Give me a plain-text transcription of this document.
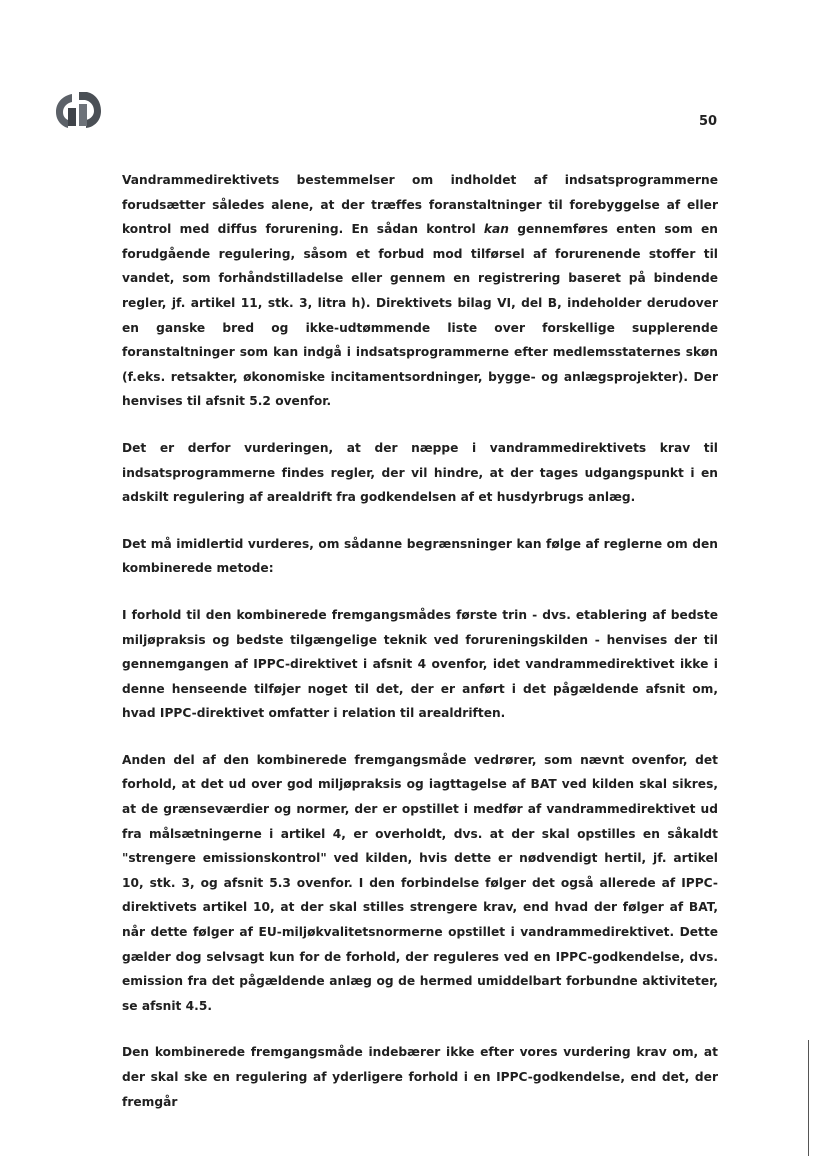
50

Vandrammedirektivets bestemmelser om indholdet af indsatsprogrammerne forudsætter således alene, at der træffes foranstaltninger til forebyggelse af eller kontrol med diffus forurening. En sådan kontrol kan gennemføres enten som en forudgående regulering, såsom et forbud mod tilførsel af forurenende stoffer til vandet, som forhåndstilladelse eller gennem en registrering baseret på bindende regler, jf. artikel 11, stk. 3, litra h). Direktivets bilag VI, del B, indeholder derudover en ganske bred og ikke-udtømmende liste over forskellige supplerende foranstaltninger som kan indgå i indsatsprogrammerne efter medlemsstaternes skøn (f.eks. retsakter, økonomiske incitamentsordninger, bygge- og anlægsprojekter). Der henvises til afsnit 5.2 ovenfor.

Det er derfor vurderingen, at der næppe i vandrammedirektivets krav til indsatsprogrammerne findes regler, der vil hindre, at der tages udgangspunkt i en adskilt regulering af arealdrift fra godkendelsen af et husdyrbrugs anlæg.

Det må imidlertid vurderes, om sådanne begrænsninger kan følge af reglerne om den kombinerede metode:

I forhold til den kombinerede fremgangsmådes første trin - dvs. etablering af bedste miljøpraksis og bedste tilgængelige teknik ved forureningskilden - henvises der til gennemgangen af IPPC-direktivet i afsnit 4 ovenfor, idet vandrammedirektivet ikke i denne henseende tilføjer noget til det, der er anført i det pågældende afsnit om, hvad IPPC-direktivet omfatter i relation til arealdriften.

Anden del af den kombinerede fremgangsmåde vedrører, som nævnt ovenfor, det forhold, at det ud over god miljøpraksis og iagttagelse af BAT ved kilden skal sikres, at de grænseværdier og normer, der er opstillet i medfør af vandrammedirektivet ud fra målsætningerne i artikel 4, er overholdt, dvs. at der skal opstilles en såkaldt "strengere emissionskontrol" ved kilden, hvis dette er nødvendigt hertil, jf. artikel 10, stk. 3, og afsnit 5.3 ovenfor. I den forbindelse følger det også allerede af IPPC-direktivets artikel 10, at der skal stilles strengere krav, end hvad der følger af BAT, når dette følger af EU-miljøkvalitetsnormerne opstillet i vandrammedirektivet. Dette gælder dog selvsagt kun for de forhold, der reguleres ved en IPPC-godkendelse, dvs. emission fra det pågældende anlæg og de hermed umiddelbart forbundne aktiviteter, se afsnit 4.5.

Den kombinerede fremgangsmåde indebærer ikke efter vores vurdering krav om, at der skal ske en regulering af yderligere forhold i en IPPC-godkendelse, end det, der fremgår
